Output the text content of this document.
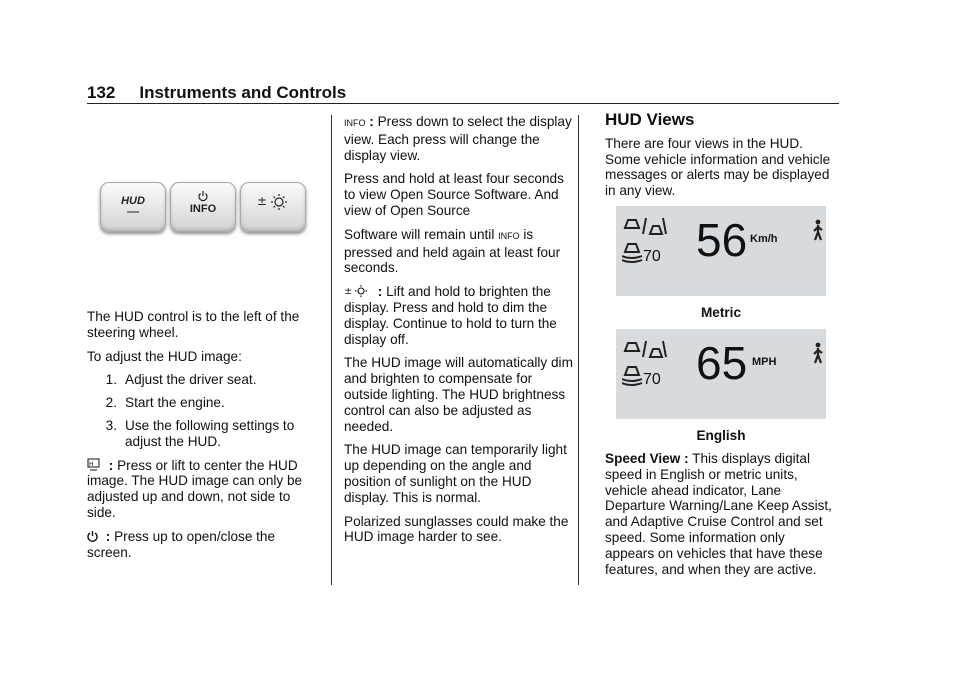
132 Instruments and Controls
HUD
INFO
±

The HUD control is to the left of the steering wheel.

To adjust the HUD image:

1. Adjust the driver seat.
2. Start the engine.
3. Use the following settings to adjust the HUD.

H : Press or lift to center the HUD image. The HUD image can only be adjusted up and down, not side to side.

: Press up to open/close the screen.

INFO : Press down to select the display view. Each press will change the display view.

Press and hold at least four seconds to view Open Source Software. And view of Open Source

Software will remain until INFO is pressed and held again at least four seconds.

± : Lift and hold to brighten the display. Press and hold to dim the display. Continue to hold to turn the display off.

The HUD image will automatically dim and brighten to compensate for outside lighting. The HUD brightness control can also be adjusted as needed.

The HUD image can temporarily light up depending on the angle and position of sunlight on the HUD display. This is normal.

Polarized sunglasses could make the HUD image harder to see.

HUD Views

There are four views in the HUD. Some vehicle information and vehicle messages or alerts may be displayed in any view.

70 56 Km/h
Metric
70 65 MPH
English

Speed View : This displays digital speed in English or metric units, vehicle ahead indicator, Lane Departure Warning/Lane Keep Assist, and Adaptive Cruise Control and set speed. Some information only appears on vehicles that have these features, and when they are active.
